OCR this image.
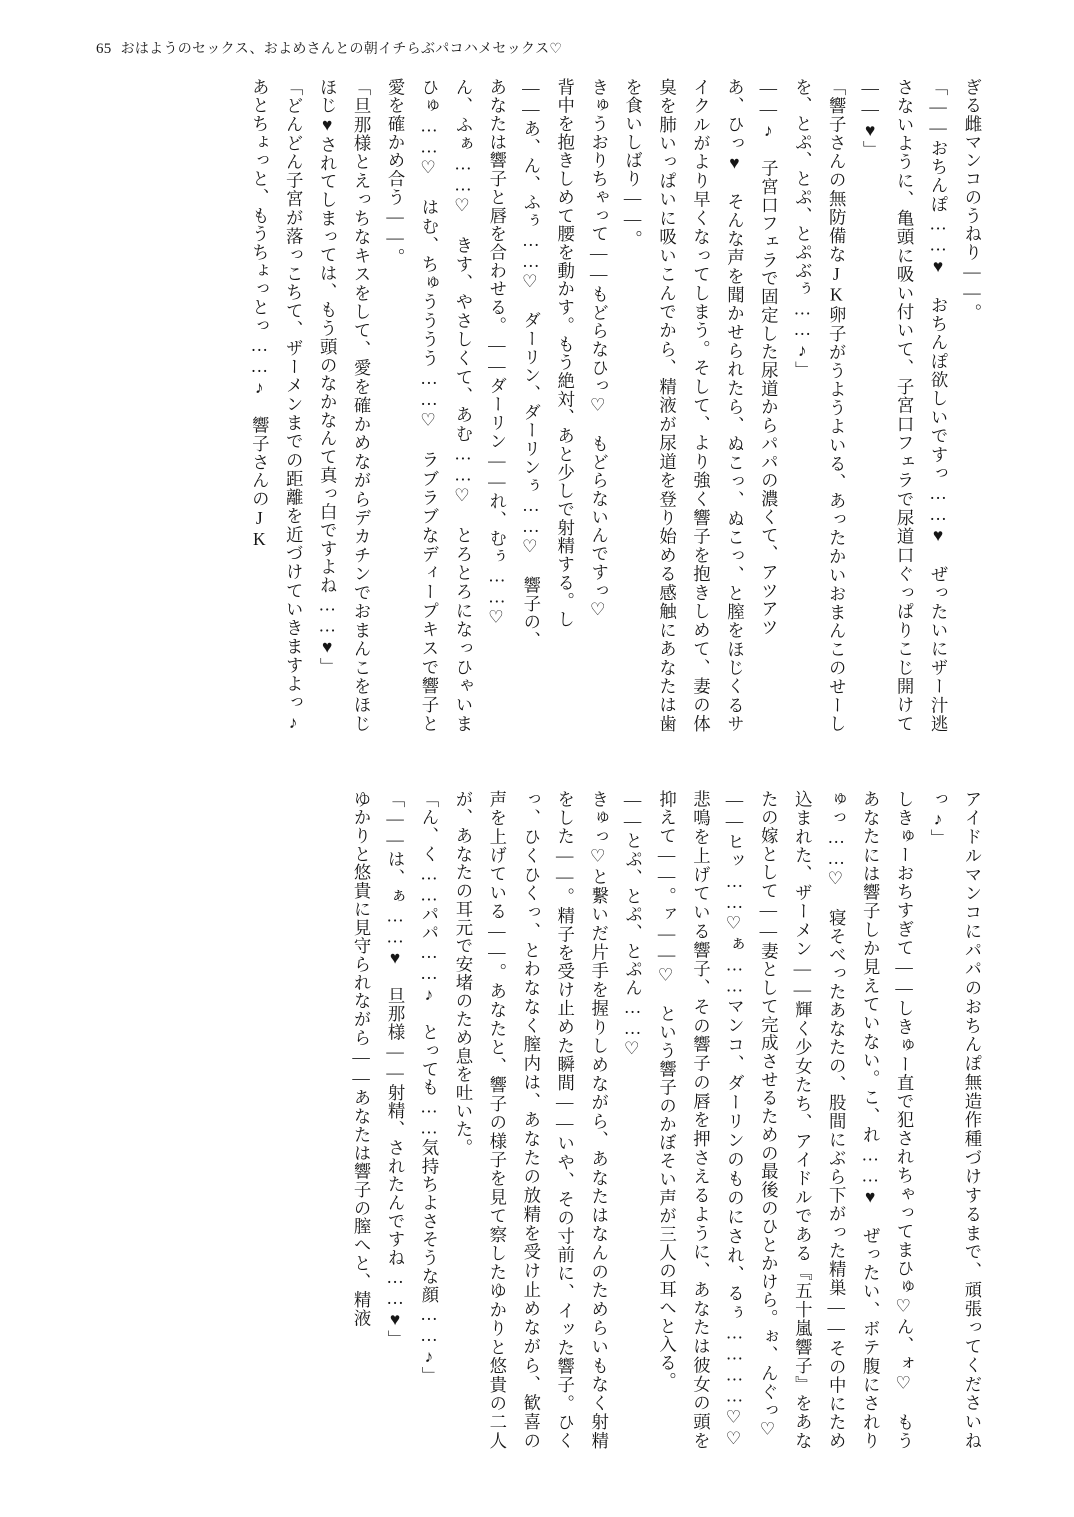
65 おはようのセックス、およめさんとの朝イチらぶパコハメセックス♡

ぎる雌マンコのうねり――。

「――おちんぽ……♥　おちんぽ欲しいですっ……♥　ぜったいにザー汁逃さないように、亀頭に吸い付いて、子宮口フェラで尿道口ぐっぱりこじ開けて――♥」

「響子さんの無防備なJK卵子がうようよいる、あったかいおまんこのせーしを、とぷ、とぷ、とぷぶぅ……♪」

――♪　子宮口フェラで固定した尿道からパパの濃くて、アツアツ

あ、ひっ♥　そんな声を聞かせられたら、ぬこっ、ぬこっ、と膣をほじくるサイクルがより早くなってしまう。そして、より強く響子を抱きしめて、妻の体臭を肺いっぱいに吸いこんでから、精液が尿道を登り始める感触にあなたは歯を食いしばり――。

きゅうおりちゃって――もどらなひっ♡　もどらないんですっ♡

背中を抱きしめて腰を動かす。もう絶対、あと少しで射精する。し

――あ、ん、ふぅ……♡　ダーリン、ダーリンぅ……♡　響子の、

あなたは響子と唇を合わせる。――ダーリン――れ、むぅ……♡

ん、ふぁ……♡　きす、やさしくて、あむ……♡　とろとろになっひゃいまひゅ……♡　はむ、ちゅうううう……♡　ラブラブなディープキスで響子と愛を確かめ合う――。

「旦那様とえっちなキスをして、愛を確かめながらデカチンでおまんこをほじほじ♥されてしまっては、もう頭のなかなんて真っ白ですよね……♥」

「どんどん子宮が落っこちて、ザーメンまでの距離を近づけていきますよっ♪　あとちょっと、もうちょっとっ……♪　響子さんのJK

アイドルマンコにパパのおちんぽ無造作種づけするまで、頑張ってくださいねっ♪」

しきゅーおちすぎて――しきゅー直で犯されちゃってまひゅ♡ん、ォ♡　もうあなたには響子しか見えていない。こ、れ……♥　ぜったい、ボテ腹にされりゅっ……♡　寝そべったあなたの、股間にぶら下がった精巣――その中にため込まれた、ザーメン――輝く少女たち、アイドルである『五十嵐響子』をあなたの嫁として――妻として完成させるための最後のひとかけら。ぉ、んぐっ♡

――ヒッ……♡ぁ……マンコ、ダーリンのものにされ、るぅ…………♡♡　悲鳴を上げている響子、その響子の唇を押さえるように、あなたは彼女の頭を抑えて――。ァ――♡　という響子のかぼそい声が三人の耳へと入る。

――とぷ、とぷ、とぷん……♡

きゅっ♡と繋いだ片手を握りしめながら、あなたはなんのためらいもなく射精をした――。精子を受け止めた瞬間――いや、その寸前に、イッた響子。ひくっ、ひくひくっ、とわななく膣内は、あなたの放精を受け止めながら、歓喜の声を上げている――。あなたと、響子の様子を見て察したゆかりと悠貴の二人が、あなたの耳元で安堵のため息を吐いた。

「ん、く……パパ……♪　とっても……気持ちよさそうな顔……♪」

「――は、ぁ……♥　旦那様――射精、されたんですね……♥」

ゆかりと悠貴に見守られながら――あなたは響子の膣へと、精液
